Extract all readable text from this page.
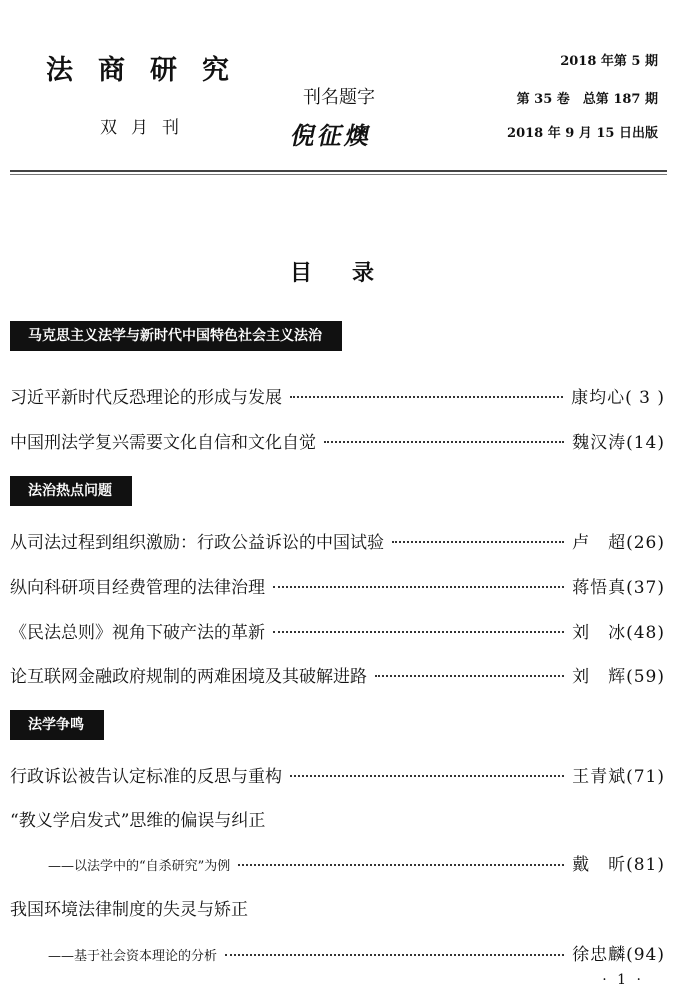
法商研究
双月刊
刊名题字
倪征燠
2018 年第 5 期
第 35 卷　总第 187 期
2018 年 9 月 15 日出版
目录
马克思主义法学与新时代中国特色社会主义法治
习近平新时代反恐理论的形成与发展	康均心 ( 3 )
中国刑法学复兴需要文化自信和文化自觉	魏汉涛 (14)
法治热点问题
从司法过程到组织激励：行政公益诉讼的中国试验	卢　超 (26)
纵向科研项目经费管理的法律治理	蒋悟真 (37)
《民法总则》视角下破产法的革新	刘　冰 (48)
论互联网金融政府规制的两难困境及其破解进路	刘　辉 (59)
法学争鸣
行政诉讼被告认定标准的反思与重构	王青斌 (71)
“教义学启发式”思维的偏误与纠正
——以法学中的“自杀研究”为例	戴　昕 (81)
我国环境法律制度的失灵与矫正
——基于社会资本理论的分析	徐忠麟 (94)
· 1 ·
